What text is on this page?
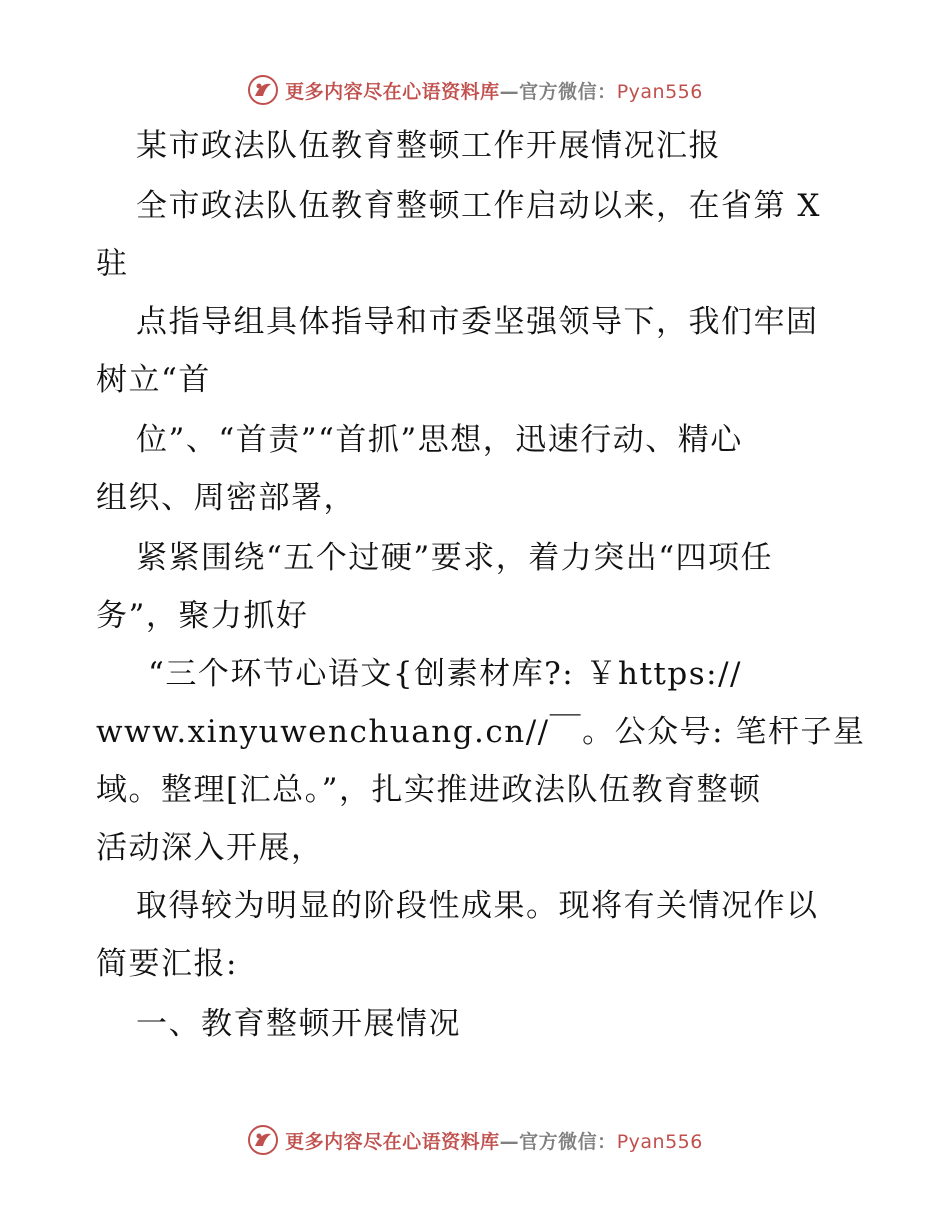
更多内容尽在心语资料库—官方微信：Pyan556
某市政法队伍教育整顿工作开展情况汇报
全市政法队伍教育整顿工作启动以来，在省第 X
驻
点指导组具体指导和市委坚强领导下，我们牢固
树立“首
位”、“首责”“首抓”思想，迅速行动、精心
组织、周密部署，
紧紧围绕“五个过硬”要求，着力突出“四项任
务”，聚力抓好
“三个环节心语文{创素材库?: ￥https://
www.xinyuwenchuang.cn//￣。公众号: 笔杆子星
域。整理[汇总。”，扎实推进政法队伍教育整顿
活动深入开展，
取得较为明显的阶段性成果。现将有关情况作以
简要汇报:
一、教育整顿开展情况
更多内容尽在心语资料库—官方微信：Pyan556
